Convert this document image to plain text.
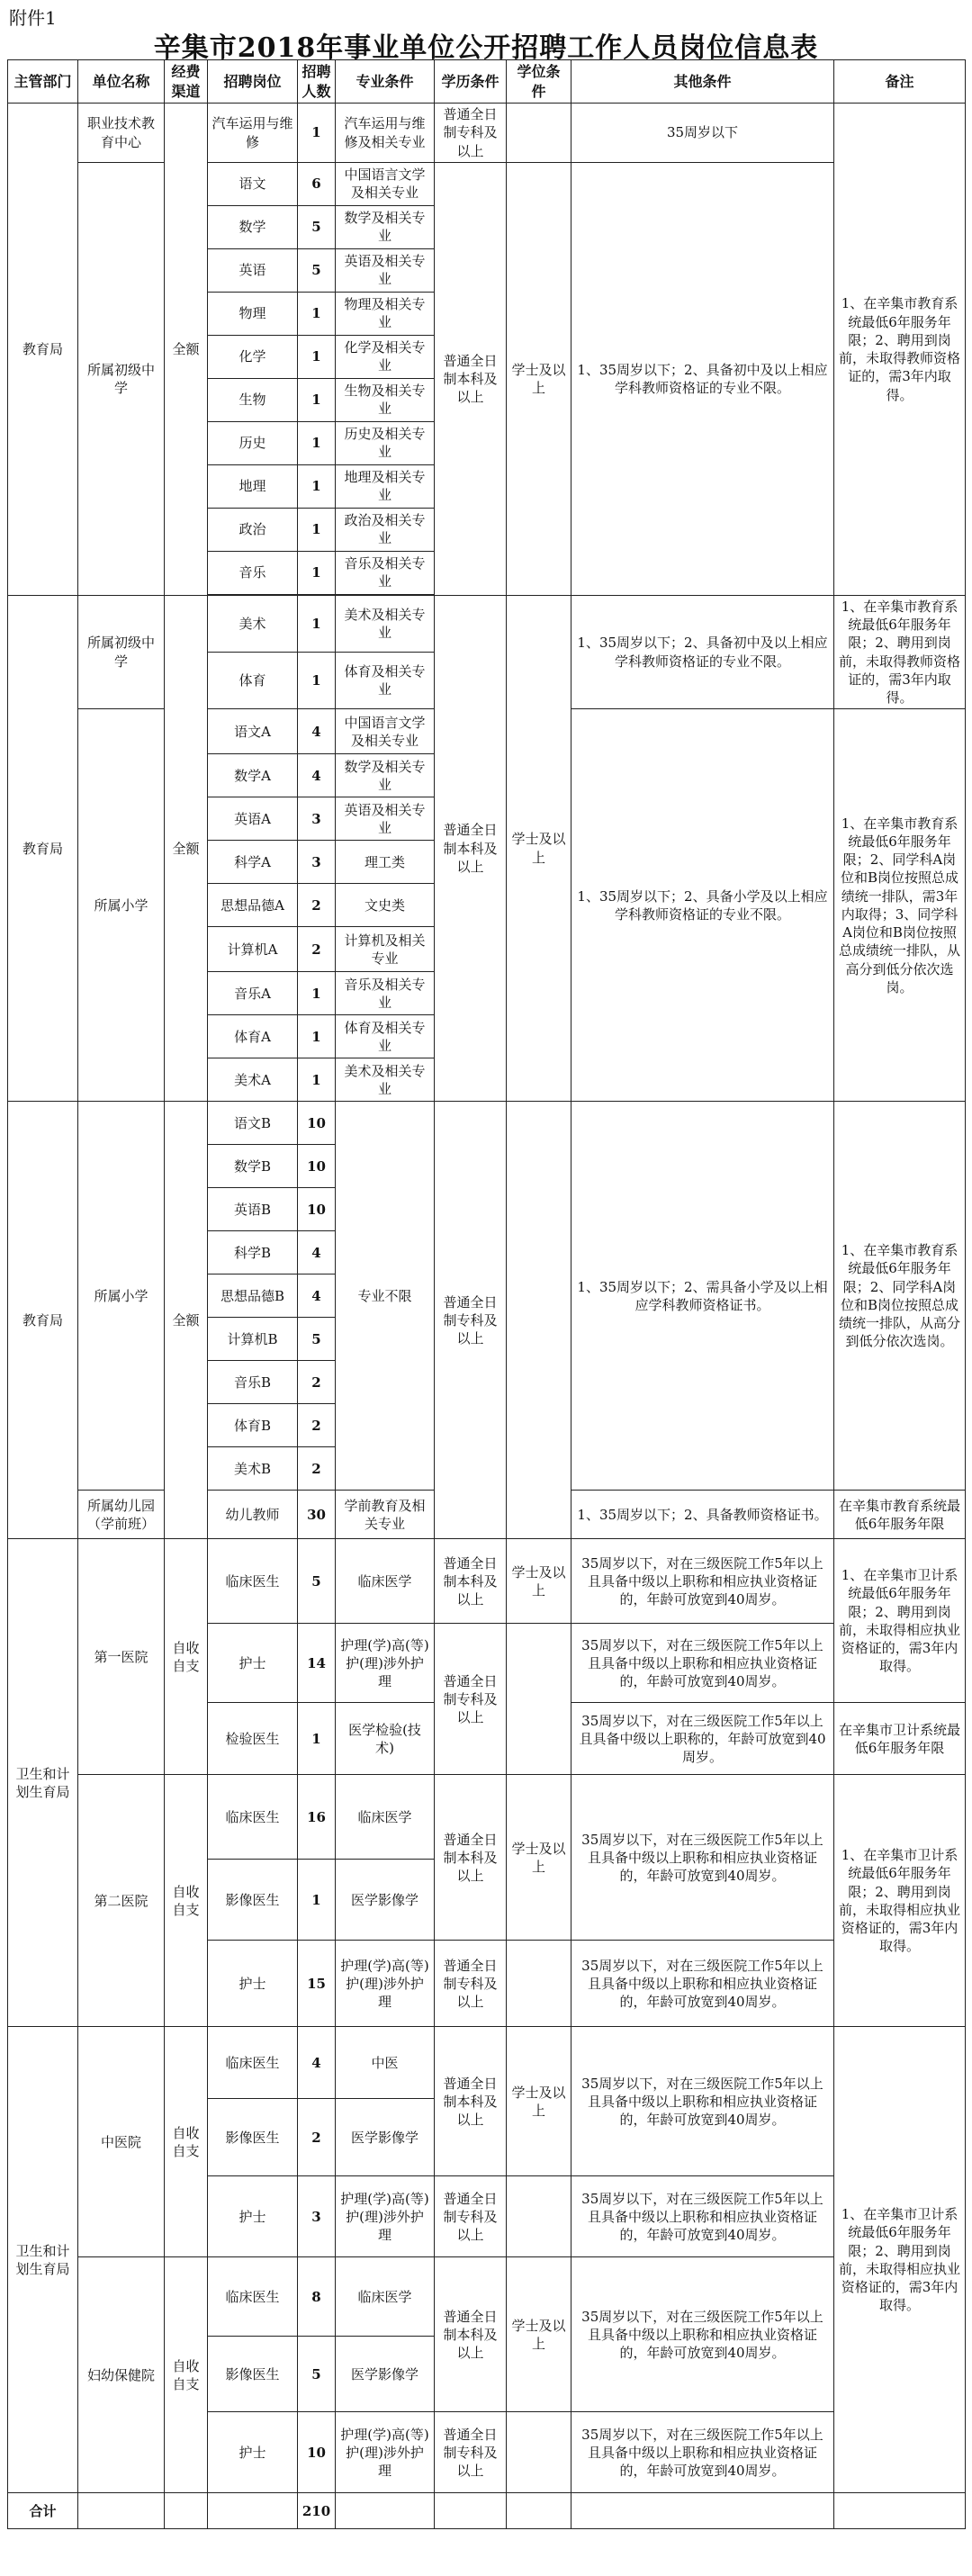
附件1
辛集市2018年事业单位公开招聘工作人员岗位信息表
主管部门	单位名称	经费渠道	招聘岗位	招聘人数	专业条件	学历条件	学位条件	其他条件	备注
教育局	职业技术教育中心	全额	汽车运用与维修	1	汽车运用与维修及相关专业	普通全日制专科及以上		35周岁以下	1、在辛集市教育系统最低6年服务年限；2、聘用到岗前，未取得教师资格证的，需3年内取得。
	所属初级中学		语文	6	中国语言文学及相关专业	普通全日制本科及以上	学士及以上	1、35周岁以下；2、具备初中及以上相应学科教师资格证的专业不限。	
			数学	5	数学及相关专业				
			英语	5	英语及相关专业				
			物理	1	物理及相关专业				
			化学	1	化学及相关专业				
			生物	1	生物及相关专业				
			历史	1	历史及相关专业				
			地理	1	地理及相关专业				
			政治	1	政治及相关专业				
			音乐	1	音乐及相关专业				

教育局	所属初级中学	全额	美术	1	美术及相关专业	普通全日制本科及以上	学士及以上	1、35周岁以下；2、具备初中及以上相应学科教师资格证的专业不限。	1、在辛集市教育系统最低6年服务年限；2、聘用到岗前，未取得教师资格证的，需3年内取得。
			体育	1	体育及相关专业				
	所属小学		语文A	4	中国语言文学及相关专业			1、35周岁以下；2、具备小学及以上相应学科教师资格证的专业不限。	1、在辛集市教育系统最低6年服务年限；2、同学科A岗位和B岗位按照总成绩统一排队，需3年内取得；3、同学科A岗位和B岗位按照总成绩统一排队，从高分到低分依次选岗。
			数学A	4	数学及相关专业				
			英语A	3	英语及相关专业				
			科学A	3	理工类				
			思想品德A	2	文史类				
			计算机A	2	计算机及相关专业				
			音乐A	1	音乐及相关专业				
			体育A	1	体育及相关专业				
			美术A	1	美术及相关专业				
教育局	所属小学	全额	语文B	10	专业不限	普通全日制专科及以上		1、35周岁以下；2、需具备小学及以上相应学科教师资格证书。	1、在辛集市教育系统最低6年服务年限；2、同学科A岗位和B岗位按照总成绩统一排队，从高分到低分依次选岗。
			数学B	10					
			英语B	10					
			科学B	4					
			思想品德B	4					
			计算机B	5					
			音乐B	2					
			体育B	2					
			美术B	2					
	所属幼儿园（学前班）		幼儿教师	30	学前教育及相关专业			1、35周岁以下；2、具备教师资格证书。	在辛集市教育系统最低6年服务年限
卫生和计划生育局	第一医院	自收自支	临床医生	5	临床医学	普通全日制本科及以上	学士及以上	35周岁以下，对在三级医院工作5年以上且具备中级以上职称和相应执业资格证的，年龄可放宽到40周岁。	1、在辛集市卫计系统最低6年服务年限；2、聘用到岗前，未取得相应执业资格证的，需3年内取得。
			护士	14	护理(学)高(等)护(理)涉外护理	普通全日制专科及以上		35周岁以下，对在三级医院工作5年以上且具备中级以上职称和相应执业资格证的，年龄可放宽到40周岁。	
			检验医生	1	医学检验(技术)			35周岁以下，对在三级医院工作5年以上且具备中级以上职称的，年龄可放宽到40周岁。	在辛集市卫计系统最低6年服务年限
	第二医院	自收自支	临床医生	16	临床医学	普通全日制本科及以上	学士及以上	35周岁以下，对在三级医院工作5年以上且具备中级以上职称和相应执业资格证的，年龄可放宽到40周岁。	1、在辛集市卫计系统最低6年服务年限；2、聘用到岗前，未取得相应执业资格证的，需3年内取得。
			影像医生	1	医学影像学				
			护士	15	护理(学)高(等)护(理)涉外护理	普通全日制专科及以上		35周岁以下，对在三级医院工作5年以上且具备中级以上职称和相应执业资格证的，年龄可放宽到40周岁。	
卫生和计划生育局	中医院	自收自支	临床医生	4	中医	普通全日制本科及以上	学士及以上	35周岁以下，对在三级医院工作5年以上且具备中级以上职称和相应执业资格证的，年龄可放宽到40周岁。	1、在辛集市卫计系统最低6年服务年限；2、聘用到岗前，未取得相应执业资格证的，需3年内取得。
			影像医生	2	医学影像学				
			护士	3	护理(学)高(等)护(理)涉外护理	普通全日制专科及以上		35周岁以下，对在三级医院工作5年以上且具备中级以上职称和相应执业资格证的，年龄可放宽到40周岁。	
	妇幼保健院	自收自支	临床医生	8	临床医学	普通全日制本科及以上	学士及以上	35周岁以下，对在三级医院工作5年以上且具备中级以上职称和相应执业资格证的，年龄可放宽到40周岁。	
			影像医生	5	医学影像学				
			护士	10	护理(学)高(等)护(理)涉外护理	普通全日制专科及以上		35周岁以下，对在三级医院工作5年以上且具备中级以上职称和相应执业资格证的，年龄可放宽到40周岁。	
合计				210					
